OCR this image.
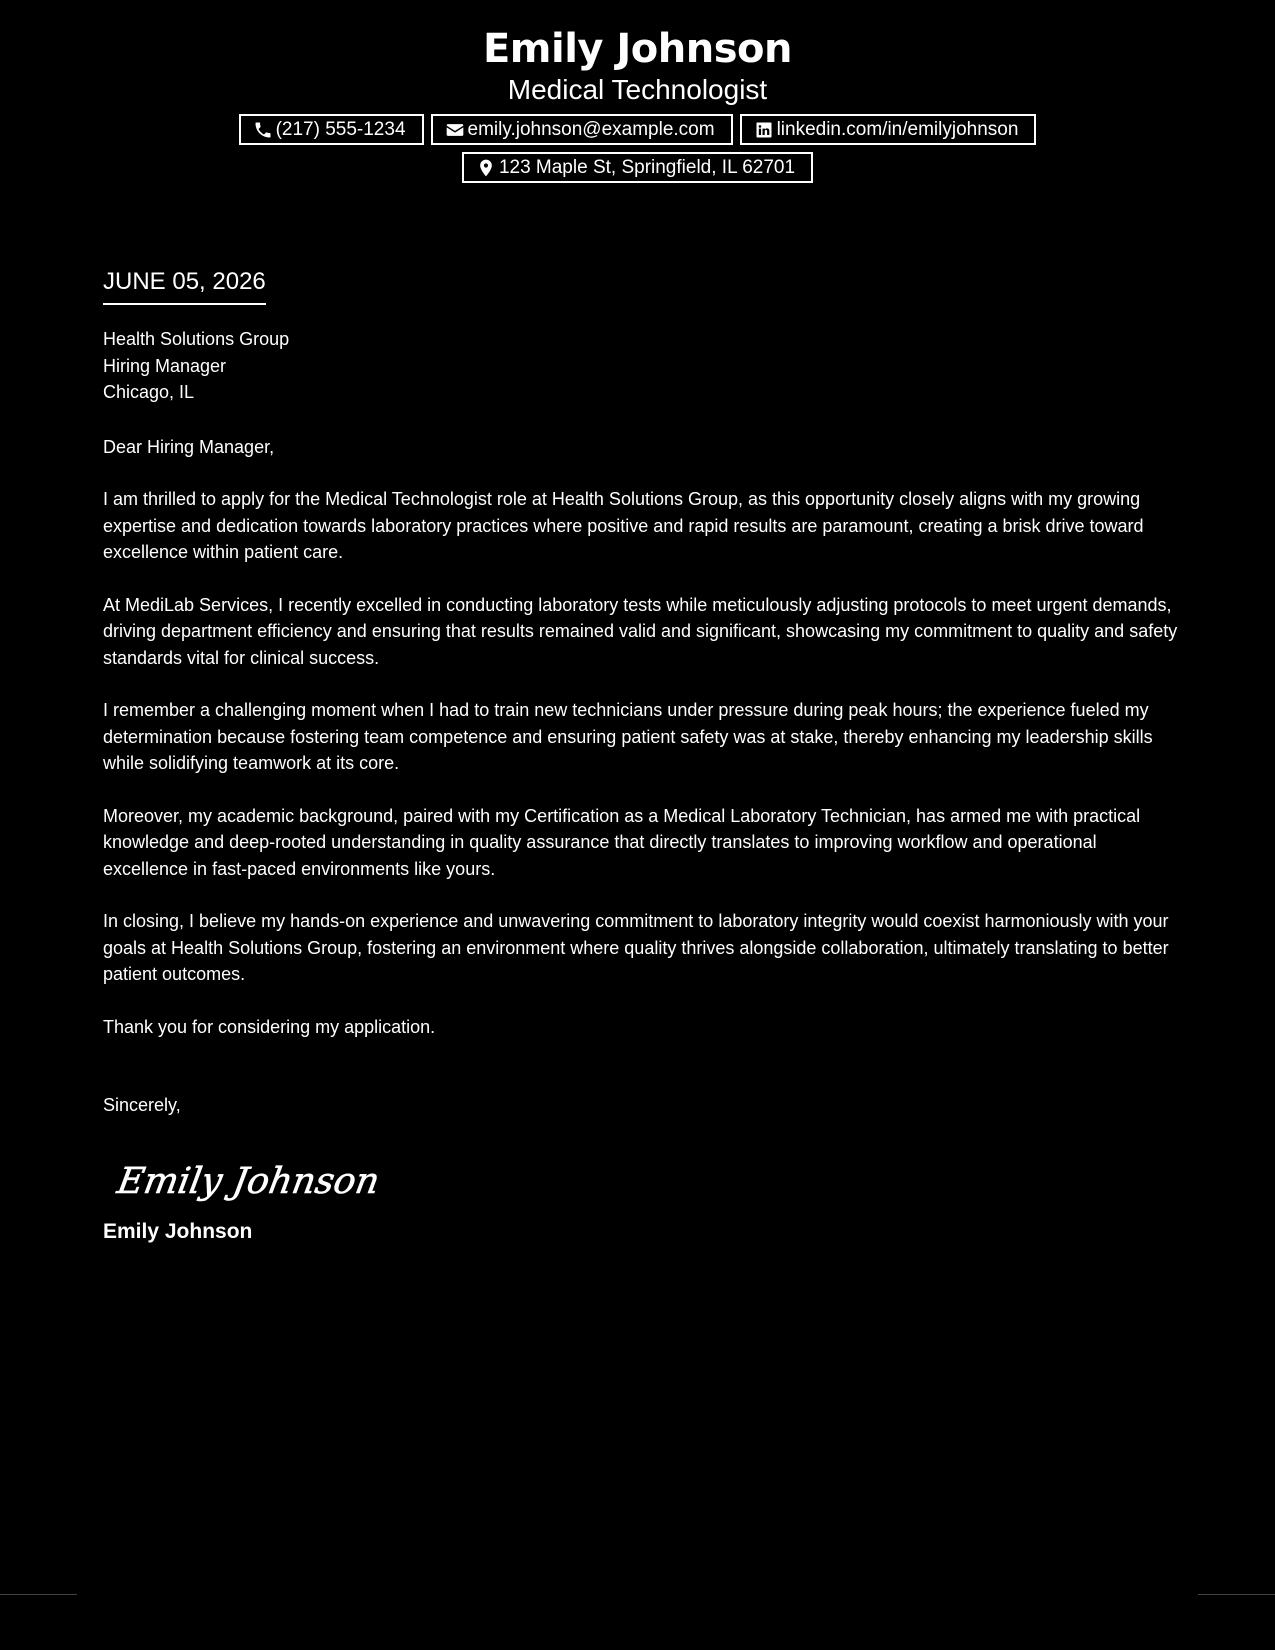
Emily Johnson
Medical Technologist
(217) 555-1234	emily.johnson@example.com	linkedin.com/in/emilyjohnson
123 Maple St, Springfield, IL 62701
JUNE 05, 2026
Health Solutions Group
Hiring Manager
Chicago, IL
Dear Hiring Manager,
I am thrilled to apply for the Medical Technologist role at Health Solutions Group, as this opportunity closely aligns with my growing expertise and dedication towards laboratory practices where positive and rapid results are paramount, creating a brisk drive toward excellence within patient care.
At MediLab Services, I recently excelled in conducting laboratory tests while meticulously adjusting protocols to meet urgent demands, driving department efficiency and ensuring that results remained valid and significant, showcasing my commitment to quality and safety standards vital for clinical success.
I remember a challenging moment when I had to train new technicians under pressure during peak hours; the experience fueled my determination because fostering team competence and ensuring patient safety was at stake, thereby enhancing my leadership skills while solidifying teamwork at its core.
Moreover, my academic background, paired with my Certification as a Medical Laboratory Technician, has armed me with practical knowledge and deep-rooted understanding in quality assurance that directly translates to improving workflow and operational excellence in fast-paced environments like yours.
In closing, I believe my hands-on experience and unwavering commitment to laboratory integrity would coexist harmoniously with your goals at Health Solutions Group, fostering an environment where quality thrives alongside collaboration, ultimately translating to better patient outcomes.
Thank you for considering my application.
Sincerely,
Emily Johnson
Emily Johnson
